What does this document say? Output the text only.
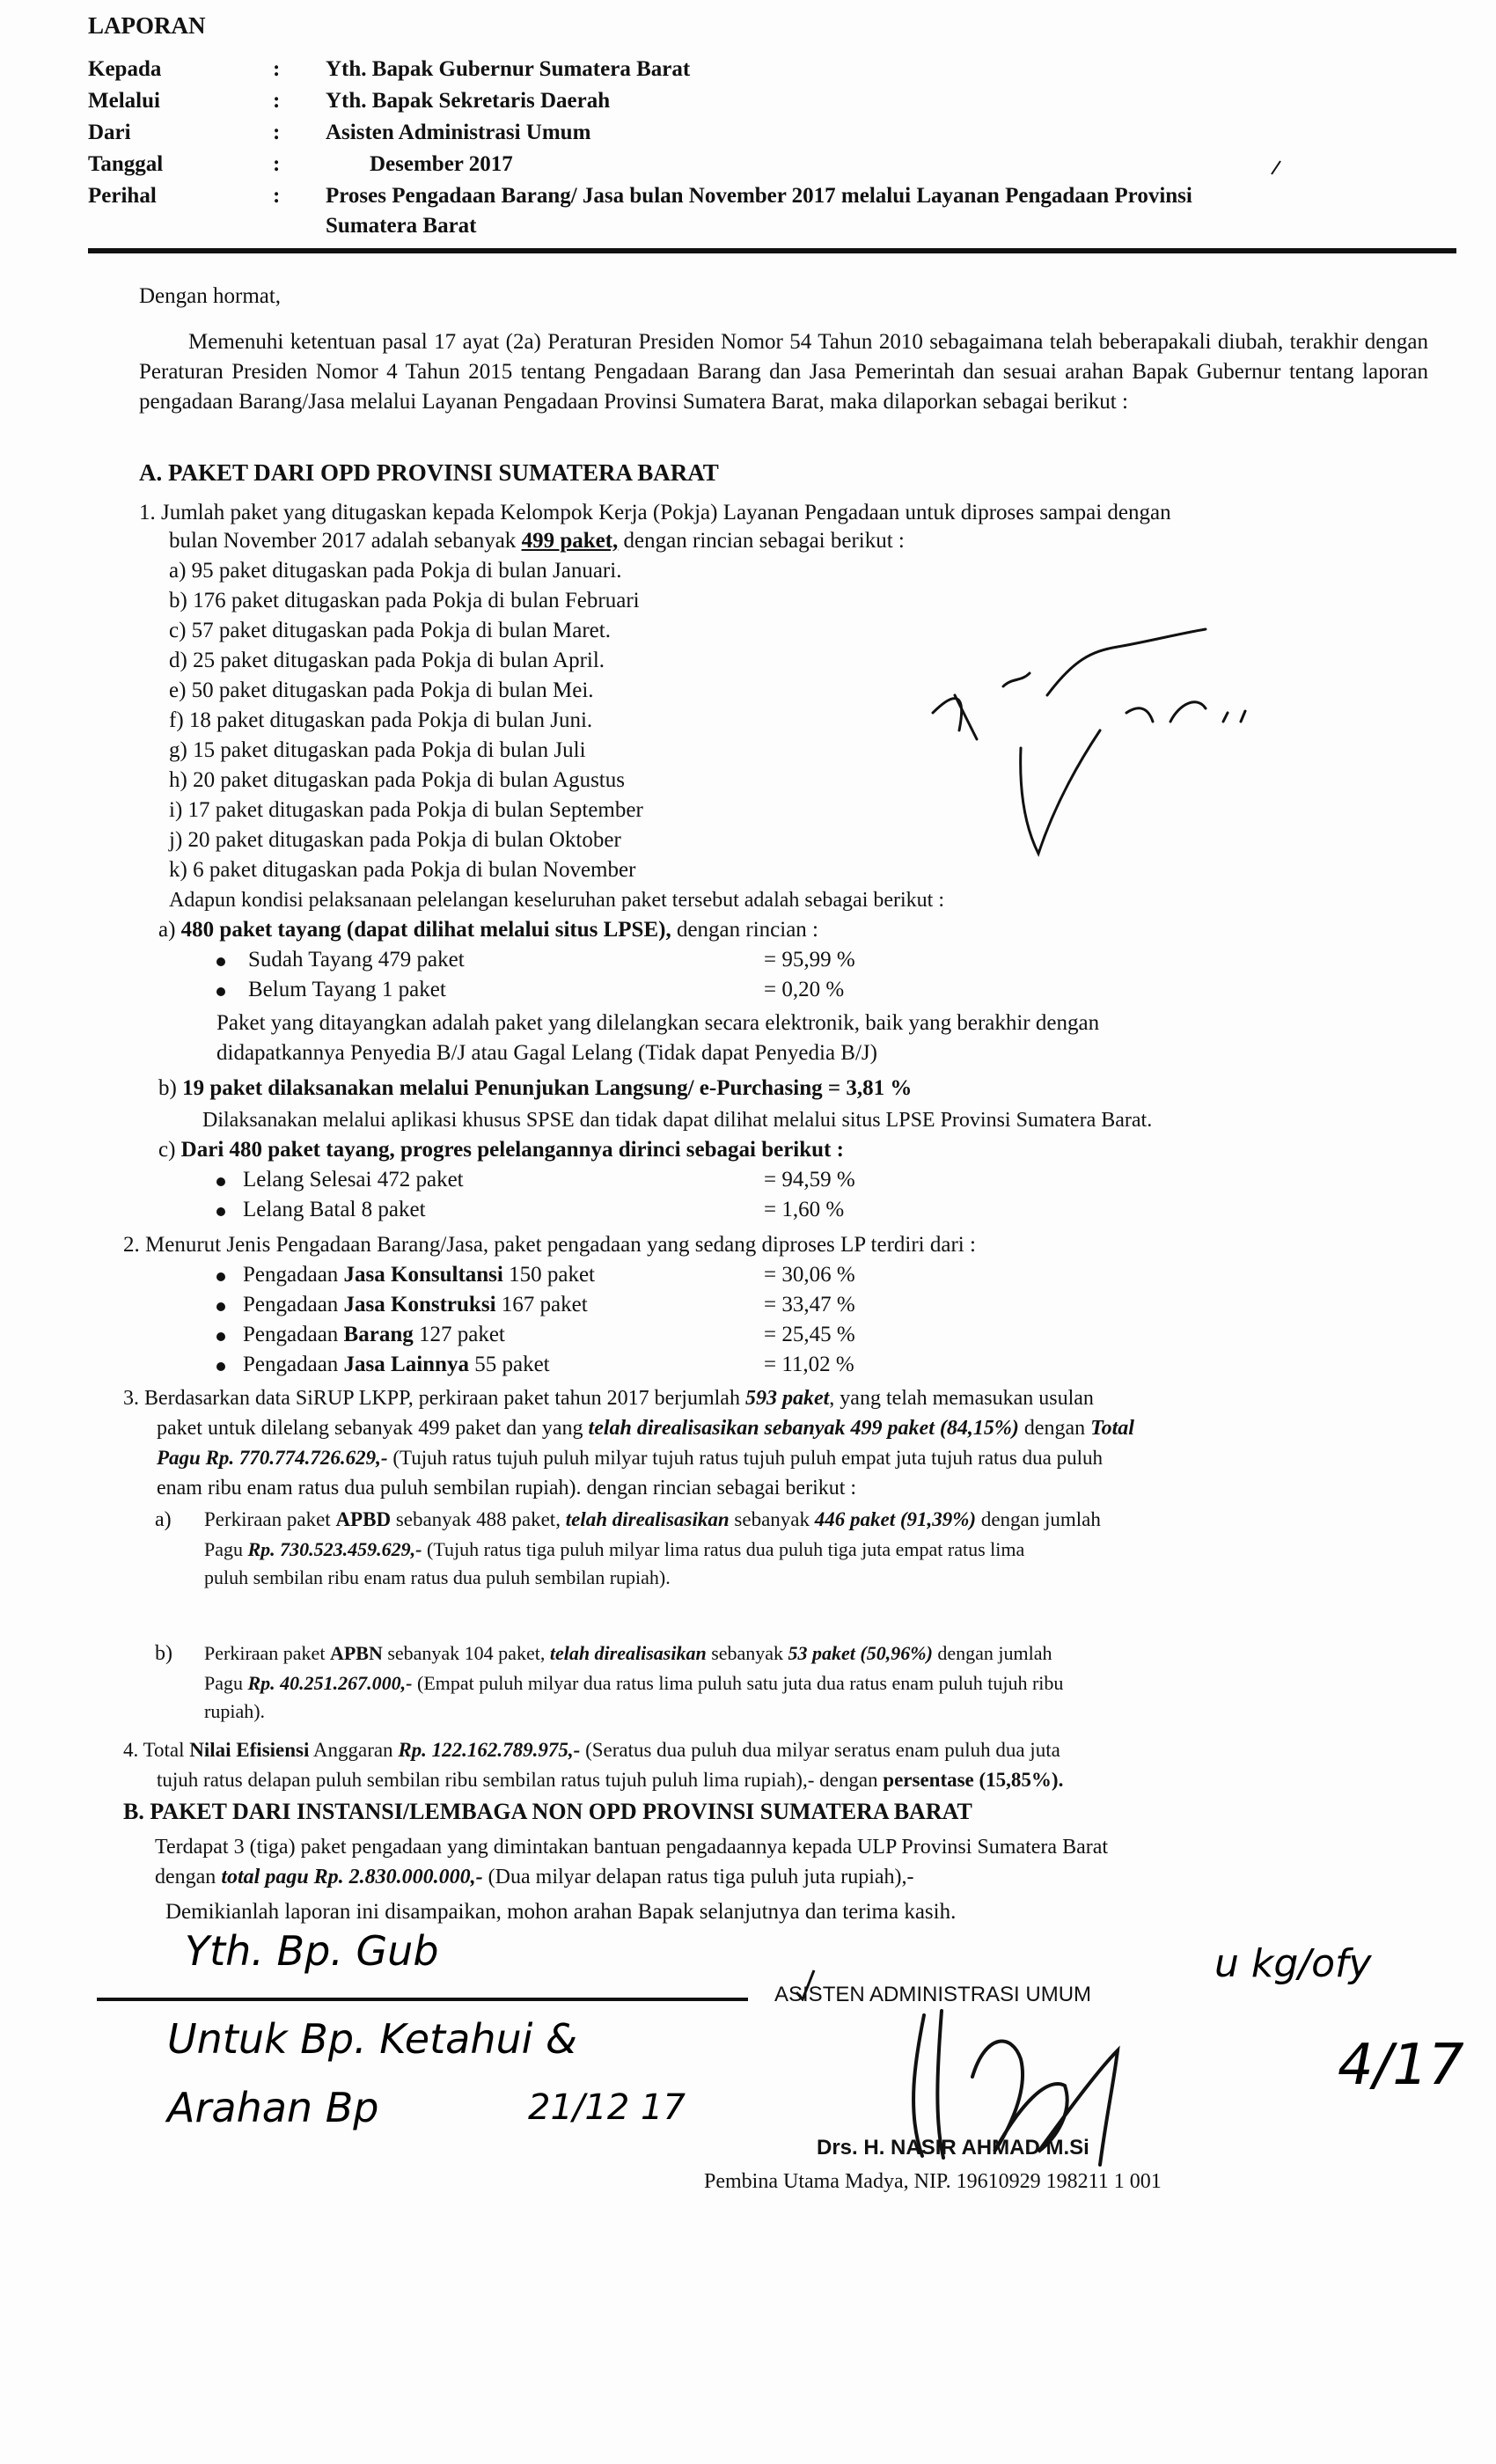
LAPORAN
Kepada	: Yth. Bapak Gubernur Sumatera Barat
Melalui	: Yth. Bapak Sekretaris Daerah
Dari	: Asisten Administrasi Umum
Tanggal	:	Desember 2017
Perihal	: Proses Pengadaan Barang/ Jasa bulan November 2017 melalui Layanan Pengadaan Provinsi
Sumatera Barat
Dengan hormat,
Memenuhi ketentuan pasal 17 ayat (2a) Peraturan Presiden Nomor 54 Tahun 2010 sebagaimana telah beberapakali diubah, terakhir dengan Peraturan Presiden Nomor 4 Tahun 2015 tentang Pengadaan Barang dan Jasa Pemerintah dan sesuai arahan Bapak Gubernur tentang laporan pengadaan Barang/Jasa melalui Layanan Pengadaan Provinsi Sumatera Barat, maka dilaporkan sebagai berikut :
A. PAKET DARI OPD PROVINSI SUMATERA BARAT
1. Jumlah paket yang ditugaskan kepada Kelompok Kerja (Pokja) Layanan Pengadaan untuk diproses sampai dengan
bulan November 2017 adalah sebanyak 499 paket, dengan rincian sebagai berikut :
a) 95 paket ditugaskan pada Pokja di bulan Januari.
b) 176 paket ditugaskan pada Pokja di bulan Februari
c) 57 paket ditugaskan pada Pokja di bulan Maret.
d) 25 paket ditugaskan pada Pokja di bulan April.
e) 50 paket ditugaskan pada Pokja di bulan Mei.
f) 18 paket ditugaskan pada Pokja di bulan Juni.
g) 15 paket ditugaskan pada Pokja di bulan Juli
h) 20 paket ditugaskan pada Pokja di bulan Agustus
i) 17 paket ditugaskan pada Pokja di bulan September
j) 20 paket ditugaskan pada Pokja di bulan Oktober
k) 6 paket ditugaskan pada Pokja di bulan November
Adapun kondisi pelaksanaan pelelangan keseluruhan paket tersebut adalah sebagai berikut :
a) 480 paket tayang (dapat dilihat melalui situs LPSE), dengan rincian :
Sudah Tayang 479 paket	= 95,99 %
Belum Tayang 1 paket	= 0,20 %
Paket yang ditayangkan adalah paket yang dilelangkan secara elektronik, baik yang berakhir dengan
didapatkannya Penyedia B/J atau Gagal Lelang (Tidak dapat Penyedia B/J)
b) 19 paket dilaksanakan melalui Penunjukan Langsung/ e-Purchasing = 3,81 %
Dilaksanakan melalui aplikasi khusus SPSE dan tidak dapat dilihat melalui situs LPSE Provinsi Sumatera Barat.
c) Dari 480 paket tayang, progres pelelangannya dirinci sebagai berikut :
Lelang Selesai 472 paket	= 94,59 %
Lelang Batal 8 paket	= 1,60 %
2. Menurut Jenis Pengadaan Barang/Jasa, paket pengadaan yang sedang diproses LP terdiri dari :
Pengadaan Jasa Konsultansi 150 paket	= 30,06 %
Pengadaan Jasa Konstruksi 167 paket	= 33,47 %
Pengadaan Barang 127 paket	= 25,45 %
Pengadaan Jasa Lainnya 55 paket	= 11,02 %
3. Berdasarkan data SiRUP LKPP, perkiraan paket tahun 2017 berjumlah 593 paket, yang telah memasukan usulan
paket untuk dilelang sebanyak 499 paket dan yang telah direalisasikan sebanyak 499 paket (84,15%) dengan Total
Pagu Rp. 770.774.726.629,- (Tujuh ratus tujuh puluh milyar tujuh ratus tujuh puluh empat juta tujuh ratus dua puluh
enam ribu enam ratus dua puluh sembilan rupiah). dengan rincian sebagai berikut :
a) Perkiraan paket APBD sebanyak 488 paket, telah direalisasikan sebanyak 446 paket (91,39%) dengan jumlah
Pagu Rp. 730.523.459.629,- (Tujuh ratus tiga puluh milyar lima ratus dua puluh tiga juta empat ratus lima
puluh sembilan ribu enam ratus dua puluh sembilan rupiah).
b) Perkiraan paket APBN sebanyak 104 paket, telah direalisasikan sebanyak 53 paket (50,96%) dengan jumlah
Pagu Rp. 40.251.267.000,- (Empat puluh milyar dua ratus lima puluh satu juta dua ratus enam puluh tujuh ribu
rupiah).
4. Total Nilai Efisiensi Anggaran Rp. 122.162.789.975,- (Seratus dua puluh dua milyar seratus enam puluh dua juta
tujuh ratus delapan puluh sembilan ribu sembilan ratus tujuh puluh lima rupiah),- dengan persentase (15,85%).
B. PAKET DARI INSTANSI/LEMBAGA NON OPD PROVINSI SUMATERA BARAT
Terdapat 3 (tiga) paket pengadaan yang dimintakan bantuan pengadaannya kepada ULP Provinsi Sumatera Barat
dengan total pagu Rp. 2.830.000.000,- (Dua milyar delapan ratus tiga puluh juta rupiah),-
Demikianlah laporan ini disampaikan, mohon arahan Bapak selanjutnya dan terima kasih.
ASISTEN ADMINISTRASI UMUM
Drs. H. NASIR AHMAD M.Si
Pembina Utama Madya, NIP. 19610929 198211 1 001
Yth. Bp. Gub
Untuk Bp. Ketahui &
Arahan Bp	21/12 17
u kg/ofy
4/17
